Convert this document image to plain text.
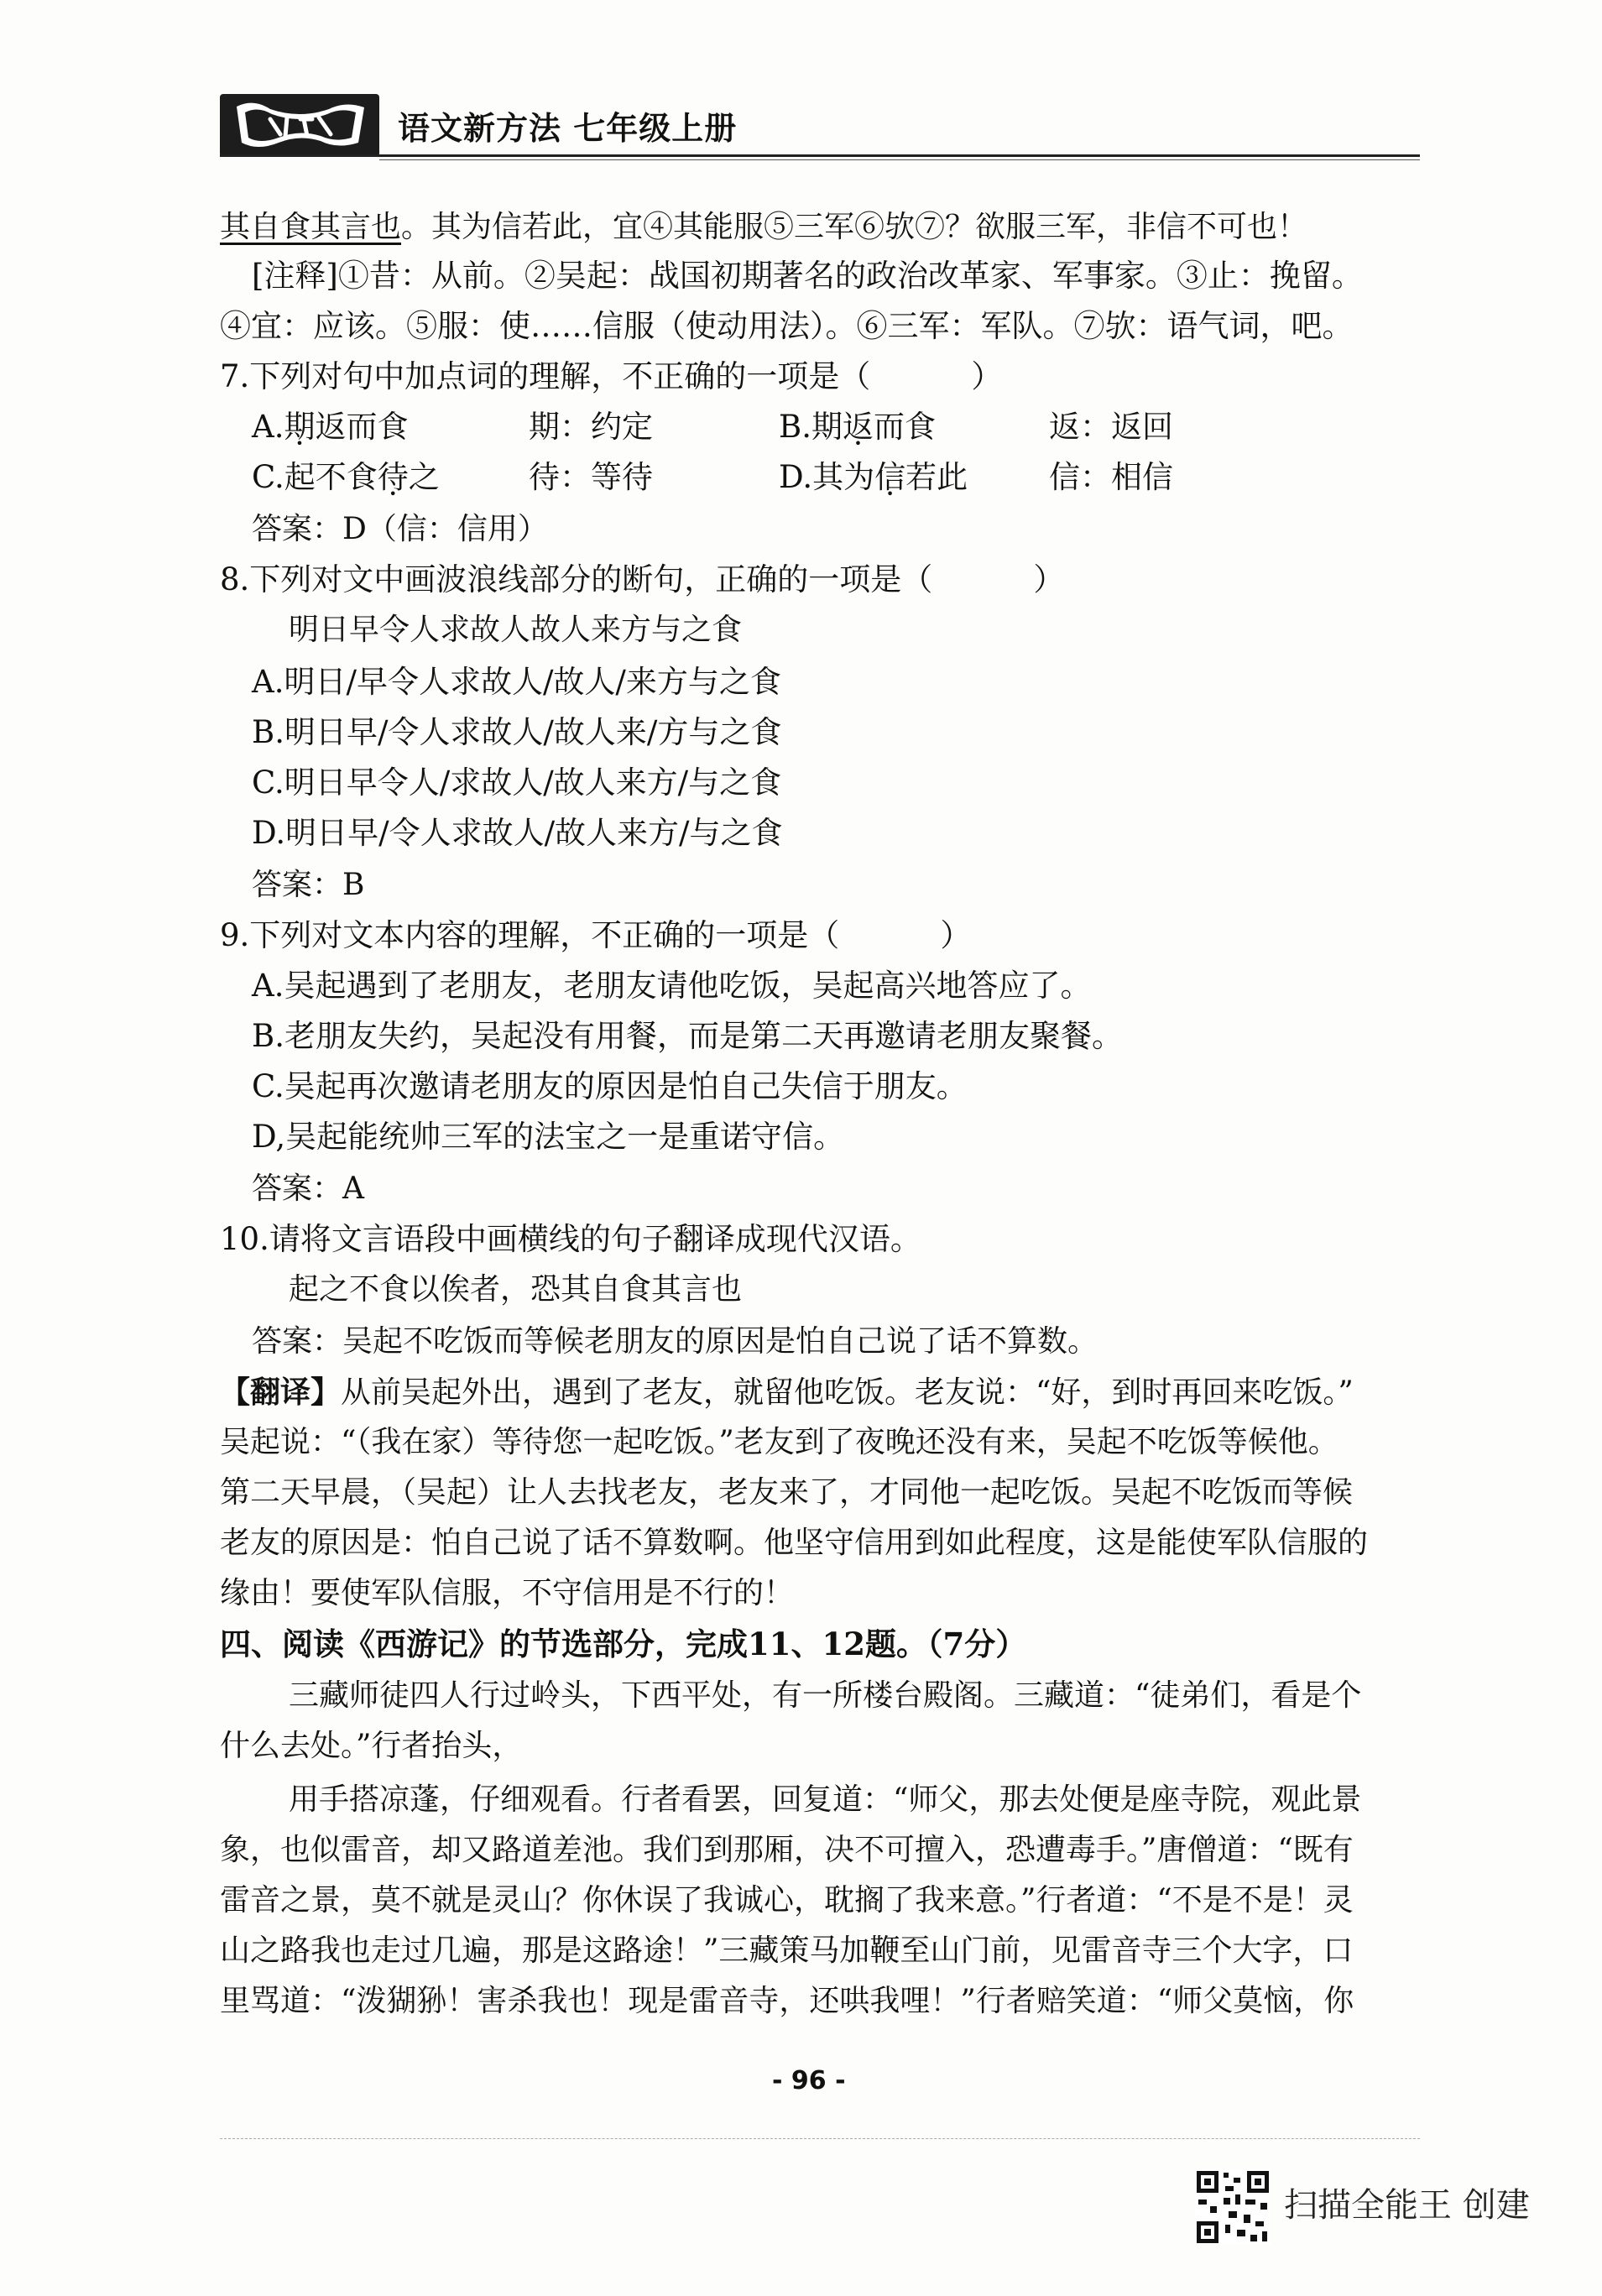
语文新方法 七年级上册
其自食其言也。其为信若此，宜④其能服⑤三军⑥欤⑦？欲服三军，非信不可也！
[注释]①昔：从前。②吴起：战国初期著名的政治改革家、军事家。③止：挽留。
④宜：应该。⑤服：使……信服（使动用法）。⑥三军：军队。⑦欤：语气词，吧。
7.下列对句中加点词的理解，不正确的一项是（	）
A.期返而食	期：约定	B.期返而食	返：返回
C.起不食待之	待：等待	D.其为信若此	信：相信
答案：D（信：信用）
8.下列对文中画波浪线部分的断句，正确的一项是（	）
明日早令人求故人故人来方与之食
A.明日/早令人求故人/故人/来方与之食
B.明日早/令人求故人/故人来/方与之食
C.明日早令人/求故人/故人来方/与之食
D.明日早/令人求故人/故人来方/与之食
答案：B
9.下列对文本内容的理解，不正确的一项是（	）
A.吴起遇到了老朋友，老朋友请他吃饭，吴起高兴地答应了。
B.老朋友失约，吴起没有用餐，而是第二天再邀请老朋友聚餐。
C.吴起再次邀请老朋友的原因是怕自己失信于朋友。
D,吴起能统帅三军的法宝之一是重诺守信。
答案：A
10.请将文言语段中画横线的句子翻译成现代汉语。
起之不食以俟者，恐其自食其言也
答案：吴起不吃饭而等候老朋友的原因是怕自己说了话不算数。
【翻译】从前吴起外出，遇到了老友，就留他吃饭。老友说：“好，到时再回来吃饭。”
吴起说：“（我在家）等待您一起吃饭。”老友到了夜晚还没有来，吴起不吃饭等候他。
第二天早晨，（吴起）让人去找老友，老友来了，才同他一起吃饭。吴起不吃饭而等候
老友的原因是：怕自己说了话不算数啊。他坚守信用到如此程度，这是能使军队信服的
缘由！要使军队信服，不守信用是不行的！
四、阅读《西游记》的节选部分，完成11、12题。（7分）
三藏师徒四人行过岭头，下西平处，有一所楼台殿阁。三藏道：“徒弟们，看是个
什么去处。”行者抬头，
用手搭凉蓬，仔细观看。行者看罢，回复道：“师父，那去处便是座寺院，观此景
象，也似雷音，却又路道差池。我们到那厢，决不可擅入，恐遭毒手。”唐僧道：“既有
雷音之景，莫不就是灵山？你休误了我诚心，耽搁了我来意。”行者道：“不是不是！灵
山之路我也走过几遍，那是这路途！”三藏策马加鞭至山门前，见雷音寺三个大字，口
里骂道：“泼猢狲！害杀我也！现是雷音寺，还哄我哩！”行者赔笑道：“师父莫恼，你
- 96 -
扫描全能王 创建
